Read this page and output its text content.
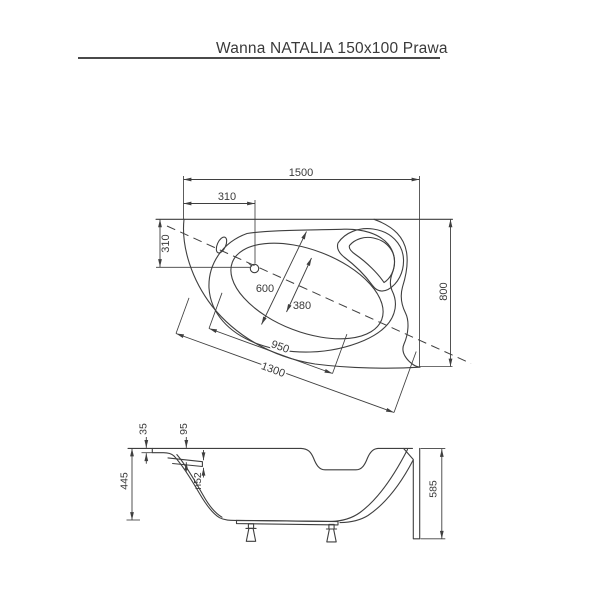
Wanna NATALIA 150x100 Prawa
1500
310
310
800
600
380
950
1300
445
35	95
n52	585
